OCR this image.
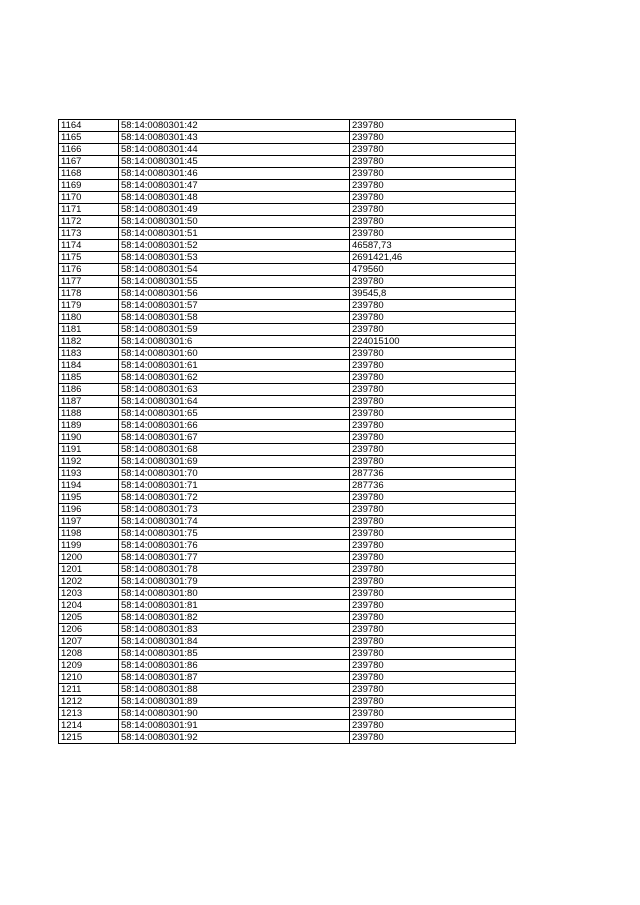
1164	58:14:0080301:42	239780
1165	58:14:0080301:43	239780
1166	58:14:0080301:44	239780
1167	58:14:0080301:45	239780
1168	58:14:0080301:46	239780
1169	58:14:0080301:47	239780
1170	58:14:0080301:48	239780
1171	58:14:0080301:49	239780
1172	58:14:0080301:50	239780
1173	58:14:0080301:51	239780
1174	58:14:0080301:52	46587,73
1175	58:14:0080301:53	2691421,46
1176	58:14:0080301:54	479560
1177	58:14:0080301:55	239780
1178	58:14:0080301:56	39545,8
1179	58:14:0080301:57	239780
1180	58:14:0080301:58	239780
1181	58:14:0080301:59	239780
1182	58:14:0080301:6	224015100
1183	58:14:0080301:60	239780
1184	58:14:0080301:61	239780
1185	58:14:0080301:62	239780
1186	58:14:0080301:63	239780
1187	58:14:0080301:64	239780
1188	58:14:0080301:65	239780
1189	58:14:0080301:66	239780
1190	58:14:0080301:67	239780
1191	58:14:0080301:68	239780
1192	58:14:0080301:69	239780
1193	58:14:0080301:70	287736
1194	58:14:0080301:71	287736
1195	58:14:0080301:72	239780
1196	58:14:0080301:73	239780
1197	58:14:0080301:74	239780
1198	58:14:0080301:75	239780
1199	58:14:0080301:76	239780
1200	58:14:0080301:77	239780
1201	58:14:0080301:78	239780
1202	58:14:0080301:79	239780
1203	58:14:0080301:80	239780
1204	58:14:0080301:81	239780
1205	58:14:0080301:82	239780
1206	58:14:0080301:83	239780
1207	58:14:0080301:84	239780
1208	58:14:0080301:85	239780
1209	58:14:0080301:86	239780
1210	58:14:0080301:87	239780
1211	58:14:0080301:88	239780
1212	58:14:0080301:89	239780
1213	58:14:0080301:90	239780
1214	58:14:0080301:91	239780
1215	58:14:0080301:92	239780
